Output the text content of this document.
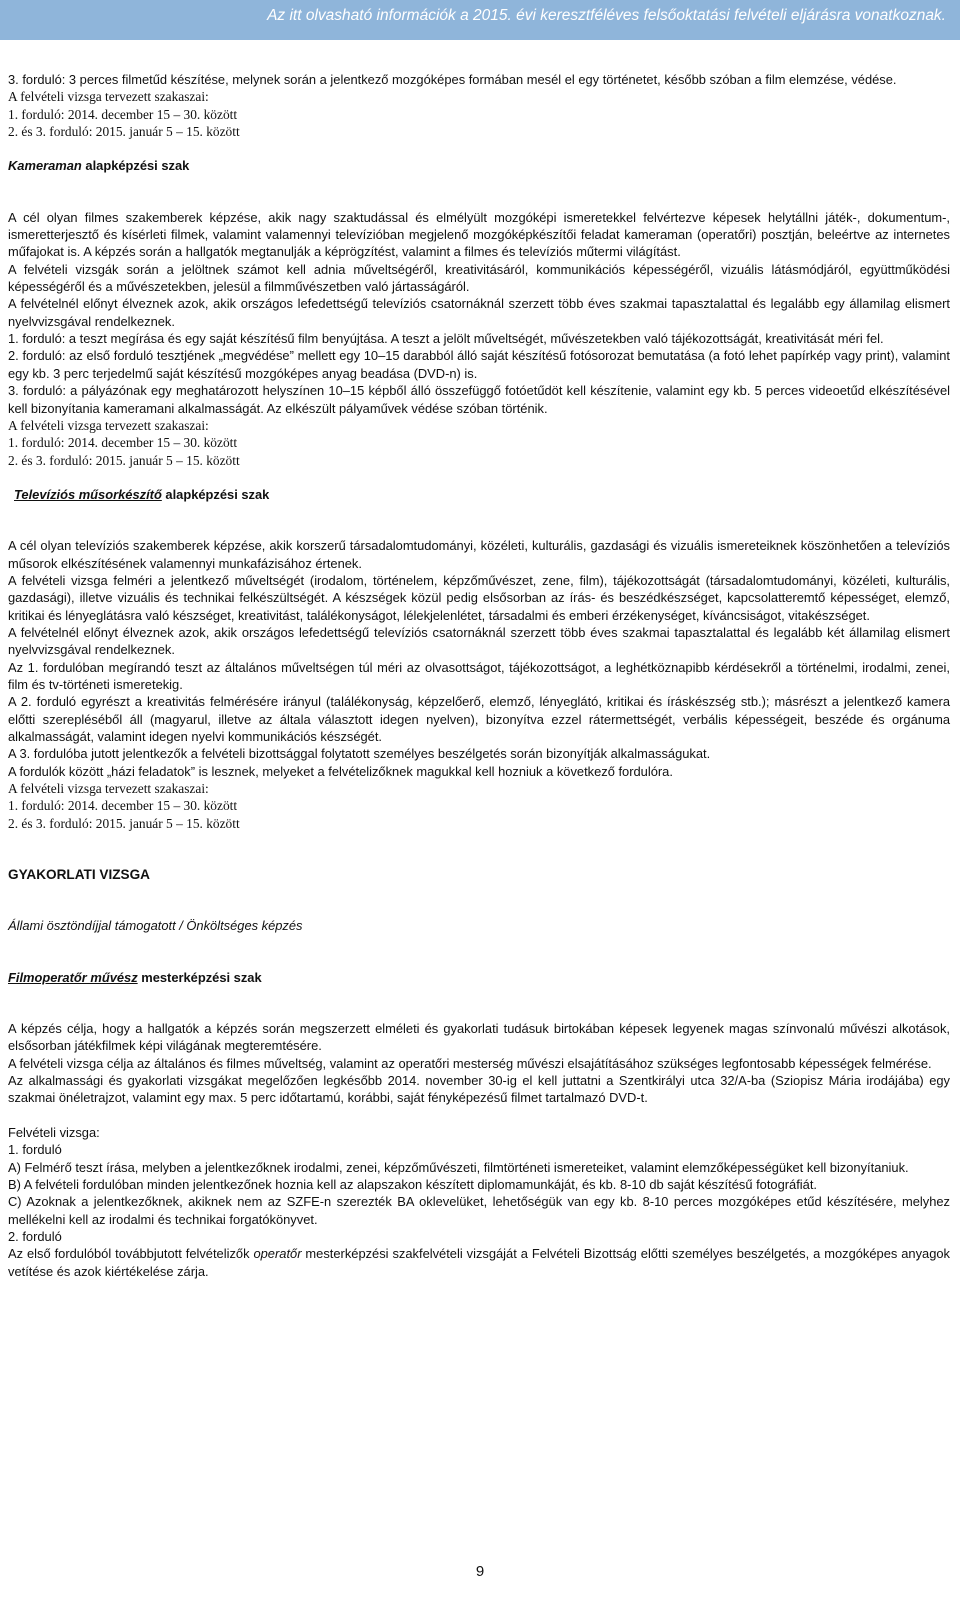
Az itt olvasható információk a 2015. évi keresztféléves felsőoktatási felvételi eljárásra vonatkoznak.

3. forduló: 3 perces filmetűd készítése, melynek során a jelentkező mozgóképes formában mesél el egy történetet, később szóban a film elemzése, védése.

A felvételi vizsga tervezett szakaszai:

1. forduló: 2014. december 15 – 30. között

2. és 3. forduló: 2015. január 5 – 15. között

Kameraman alapképzési szak

A cél olyan filmes szakemberek képzése, akik nagy szaktudással és elmélyült mozgóképi ismeretekkel felvértezve képesek helytállni játék-, dokumentum-, ismeretterjesztő és kísérleti filmek, valamint valamennyi televízióban megjelenő mozgóképkészítői feladat kameraman (operatőri) posztján, beleértve az internetes műfajokat is. A képzés során a hallgatók megtanulják a képrögzítést, valamint a filmes és televíziós műtermi világítást.

A felvételi vizsgák során a jelöltnek számot kell adnia műveltségéről, kreativitásáról, kommunikációs képességéről, vizuális látásmódjáról, együttműködési képességéről és a művészetekben, jelesül a filmművészetben való jártasságáról.

A felvételnél előnyt élveznek azok, akik országos lefedettségű televíziós csatornáknál szerzett több éves szakmai tapasztalattal és legalább egy államilag elismert nyelvvizsgával rendelkeznek.

1. forduló: a teszt megírása és egy saját készítésű film benyújtása. A teszt a jelölt műveltségét, művészetekben való tájékozottságát, kreativitását méri fel.

2. forduló: az első forduló tesztjének „megvédése” mellett egy 10–15 darabból álló saját készítésű fotósorozat bemutatása (a fotó lehet papírkép vagy print), valamint egy kb. 3 perc terjedelmű saját készítésű mozgóképes anyag beadása (DVD-n) is.

3. forduló: a pályázónak egy meghatározott helyszínen 10–15 képből álló összefüggő fotóetűdöt kell készítenie, valamint egy kb. 5 perces videoetűd elkészítésével kell bizonyítania kameramani alkalmasságát. Az elkészült pályaművek védése szóban történik.

A felvételi vizsga tervezett szakaszai:

1. forduló: 2014. december 15 – 30. között

2. és 3. forduló: 2015. január 5 – 15. között

Televíziós műsorkészítő alapképzési szak

A cél olyan televíziós szakemberek képzése, akik korszerű társadalomtudományi, közéleti, kulturális, gazdasági és vizuális ismereteiknek köszönhetően a televíziós műsorok elkészítésének valamennyi munkafázisához értenek.

A felvételi vizsga felméri a jelentkező műveltségét (irodalom, történelem, képzőművészet, zene, film), tájékozottságát (társadalomtudományi, közéleti, kulturális, gazdasági), illetve vizuális és technikai felkészültségét. A készségek közül pedig elsősorban az írás- és beszédkészséget, kapcsolatteremtő képességet, elemző, kritikai és lényeglátásra való készséget, kreativitást, találékonyságot, lélekjelenlétet, társadalmi és emberi érzékenységet, kíváncsiságot, vitakészséget.

A felvételnél előnyt élveznek azok, akik országos lefedettségű televíziós csatornáknál szerzett több éves szakmai tapasztalattal és legalább két államilag elismert nyelvvizsgával rendelkeznek.

Az 1. fordulóban megírandó teszt az általános műveltségen túl méri az olvasottságot, tájékozottságot, a leghétköznapibb kérdésekről a történelmi, irodalmi, zenei, film és tv-történeti ismeretekig.

A 2. forduló egyrészt a kreativitás felmérésére irányul (találékonyság, képzelőerő, elemző, lényeglátó, kritikai és íráskészség stb.); másrészt a jelentkező kamera előtti szerepléséből áll (magyarul, illetve az általa választott idegen nyelven), bizonyítva ezzel rátermettségét, verbális képességeit, beszéde és orgánuma alkalmasságát, valamint idegen nyelvi kommunikációs készségét.

A 3. fordulóba jutott jelentkezők a felvételi bizottsággal folytatott személyes beszélgetés során bizonyítják alkalmasságukat.

A fordulók között „házi feladatok” is lesznek, melyeket a felvételizőknek magukkal kell hozniuk a következő fordulóra.

A felvételi vizsga tervezett szakaszai:

1. forduló: 2014. december 15 – 30. között

2. és 3. forduló: 2015. január 5 – 15. között

GYAKORLATI VIZSGA

Állami ösztöndíjjal támogatott / Önköltséges képzés

Filmoperatőr művész mesterképzési szak

A képzés célja, hogy a hallgatók a képzés során megszerzett elméleti és gyakorlati tudásuk birtokában képesek legyenek magas színvonalú művészi alkotások, elsősorban játékfilmek képi világának megteremtésére.

A felvételi vizsga célja az általános és filmes műveltség, valamint az operatőri mesterség művészi elsajátításához szükséges legfontosabb képességek felmérése.

Az alkalmassági és gyakorlati vizsgákat megelőzően legkésőbb 2014. november 30-ig el kell juttatni a Szentkirályi utca 32/A-ba (Sziopisz Mária irodájába) egy szakmai önéletrajzot, valamint egy max. 5 perc időtartamú, korábbi, saját fényképezésű filmet tartalmazó DVD-t.

Felvételi vizsga:

1. forduló

A) Felmérő teszt írása, melyben a jelentkezőknek irodalmi, zenei, képzőművészeti, filmtörténeti ismereteiket, valamint elemzőképességüket kell bizonyítaniuk.

B) A felvételi fordulóban minden jelentkezőnek hoznia kell az alapszakon készített diplomamunkáját, és kb. 8-10 db saját készítésű fotográfiát.

C) Azoknak a jelentkezőknek, akiknek nem az SZFE-n szerezték BA oklevelüket, lehetőségük van egy kb. 8-10 perces mozgóképes etűd készítésére, melyhez mellékelni kell az irodalmi és technikai forgatókönyvet.

2. forduló

Az első fordulóból továbbjutott felvételizők operatőr mesterképzési szakfelvételi vizsgáját a Felvételi Bizottság előtti személyes beszélgetés, a mozgóképes anyagok vetítése és azok kiértékelése zárja.

9
